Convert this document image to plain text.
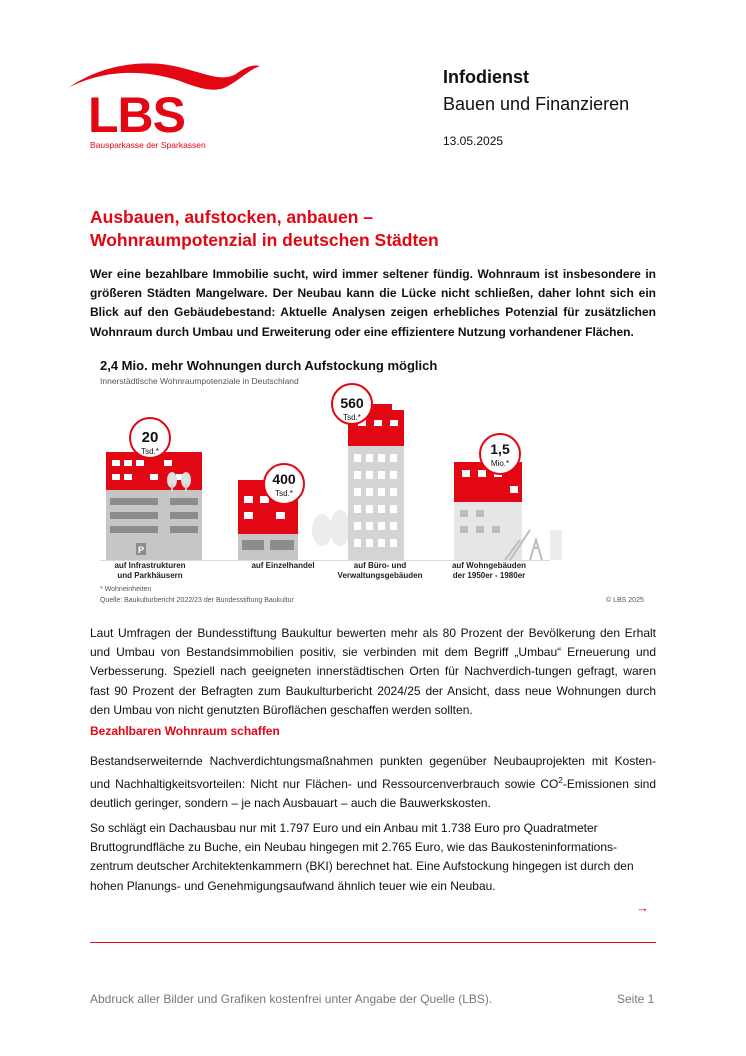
LBS
Bausparkasse der Sparkassen
Infodienst
Bauen und Finanzieren
13.05.2025
Ausbauen, aufstocken, anbauen –
Wohnraumpotenzial in deutschen Städten
Wer eine bezahlbare Immobilie sucht, wird immer seltener fündig. Wohnraum ist insbesondere in größeren Städten Mangelware. Der Neubau kann die Lücke nicht schließen, daher lohnt sich ein Blick auf den Gebäudebestand: Aktuelle Analysen zeigen erhebliches Potenzial für zusätzlichen Wohnraum durch Umbau und Erweiterung oder eine effizientere Nutzung vorhandener Flächen.
2,4 Mio. mehr Wohnungen durch Aufstockung möglich
Innerstädtische Wohnraumpotenziale in Deutschland
P
20
Tsd.*
400
Tsd.*
560
Tsd.*
1,5
Mio.*
auf Infrastrukturen
und Parkhäusern
auf Einzelhandel	auf Büro- und
Verwaltungsgebäuden
auf Wohngebäuden
der 1950er - 1980er
* Wohneinheiten
Quelle: Baukulturbericht 2022/23 der Bundesstiftung Baukultur	© LBS 2025
Laut Umfragen der Bundesstiftung Baukultur bewerten mehr als 80 Prozent der Bevölkerung den Erhalt und Umbau von Bestandsimmobilien positiv, sie verbinden mit dem Begriff „Umbau“ Erneuerung und Verbesserung. Speziell nach geeigneten innerstädtischen Orten für Nachverdich-tungen gefragt, waren fast 90 Prozent der Befragten zum Baukulturbericht 2024/25 der Ansicht, dass neue Wohnungen durch den Umbau von nicht genutzten Büroflächen geschaffen werden sollten.
Bezahlbaren Wohnraum schaffen
Bestandserweiternde Nachverdichtungsmaßnahmen punkten gegenüber Neubauprojekten mit Kosten- und Nachhaltigkeitsvorteilen: Nicht nur Flächen- und Ressourcenverbrauch sowie $CO^2$-Emissionen sind deutlich geringer, sondern – je nach Ausbauart – auch die Bauwerkskosten.
So schlägt ein Dachausbau nur mit 1.797 Euro und ein Anbau mit 1.738 Euro pro Quadratmeter Bruttogrundfläche zu Buche, ein Neubau hingegen mit 2.765 Euro, wie das Baukosteninformations-zentrum deutscher Architektenkammern (BKI) berechnet hat. Eine Aufstockung hingegen ist durch den hohen Planungs- und Genehmigungsaufwand ähnlich teuer wie ein Neubau.
→
Abdruck aller Bilder und Grafiken kostenfrei unter Angabe der Quelle (LBS).	Seite 1
